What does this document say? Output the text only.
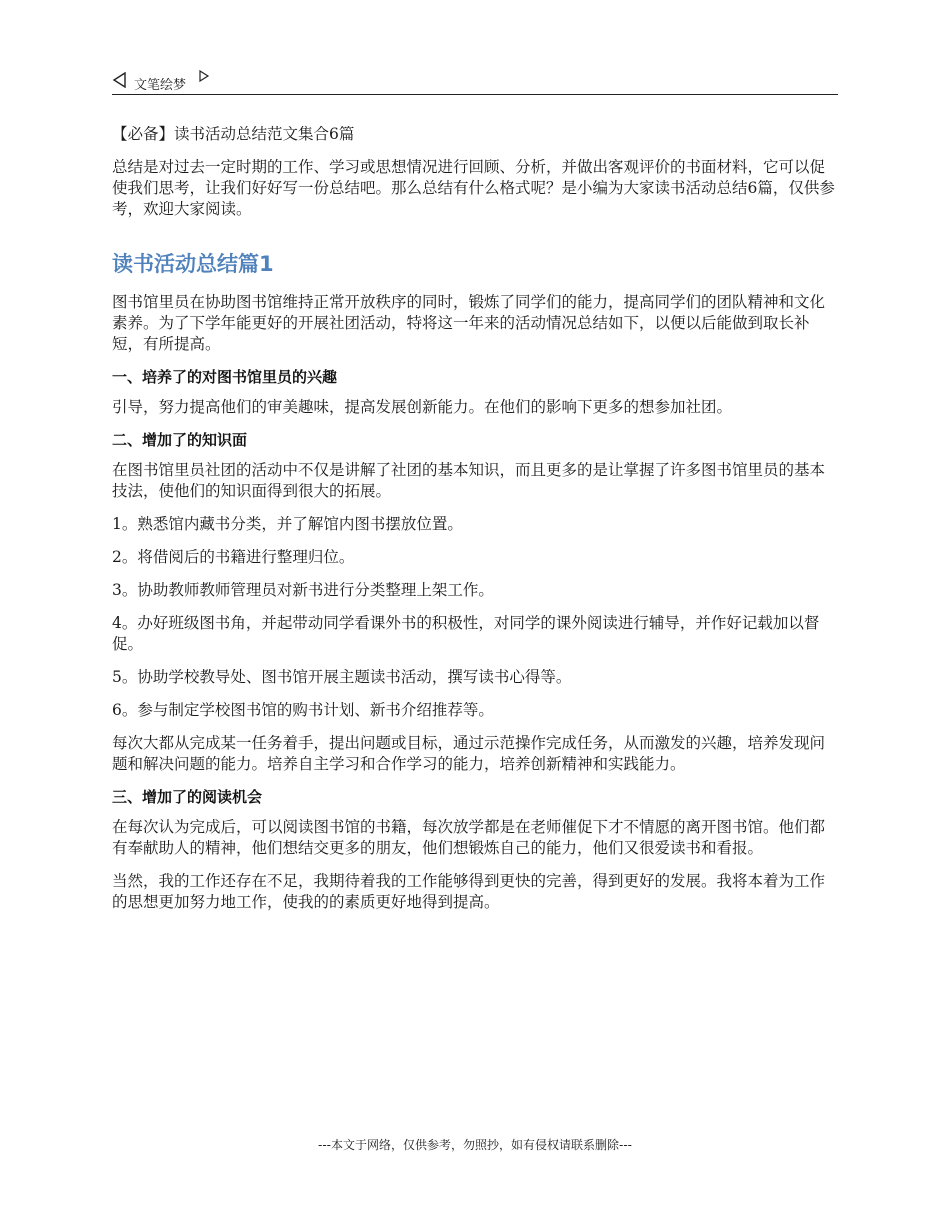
文笔绘梦

【必备】读书活动总结范文集合6篇

总结是对过去一定时期的工作、学习或思想情况进行回顾、分析，并做出客观评价的书面材料，它可以促使我们思考，让我们好好写一份总结吧。那么总结有什么格式呢？是小编为大家读书活动总结6篇，仅供参考，欢迎大家阅读。

读书活动总结篇1

图书馆里员在协助图书馆维持正常开放秩序的同时，锻炼了同学们的能力，提高同学们的团队精神和文化素养。为了下学年能更好的开展社团活动，特将这一年来的活动情况总结如下，以便以后能做到取长补短，有所提高。

一、培养了的对图书馆里员的兴趣

引导，努力提高他们的审美趣味，提高发展创新能力。在他们的影响下更多的想参加社团。

二、增加了的知识面

在图书馆里员社团的活动中不仅是讲解了社团的基本知识，而且更多的是让掌握了许多图书馆里员的基本技法，使他们的知识面得到很大的拓展。

1。熟悉馆内藏书分类，并了解馆内图书摆放位置。

2。将借阅后的书籍进行整理归位。

3。协助教师教师管理员对新书进行分类整理上架工作。

4。办好班级图书角，并起带动同学看课外书的积极性，对同学的课外阅读进行辅导，并作好记载加以督促。

5。协助学校教导处、图书馆开展主题读书活动，撰写读书心得等。

6。参与制定学校图书馆的购书计划、新书介绍推荐等。

每次大都从完成某一任务着手，提出问题或目标，通过示范操作完成任务，从而激发的兴趣，培养发现问题和解决问题的能力。培养自主学习和合作学习的能力，培养创新精神和实践能力。

三、增加了的阅读机会

在每次认为完成后，可以阅读图书馆的书籍，每次放学都是在老师催促下才不情愿的离开图书馆。他们都有奉献助人的精神，他们想结交更多的朋友，他们想锻炼自己的能力，他们又很爱读书和看报。

当然，我的工作还存在不足，我期待着我的工作能够得到更快的完善，得到更好的发展。我将本着为工作的思想更加努力地工作，使我的的素质更好地得到提高。

---本文于网络，仅供参考，勿照抄，如有侵权请联系删除---
